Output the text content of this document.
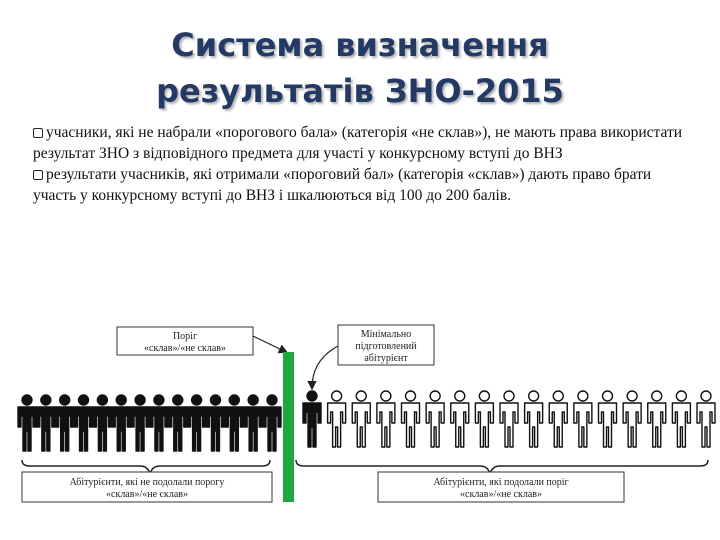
Система визначення
результатів ЗНО-2015

учасники, які не набрали «порогового бала» (категорія «не склав»), не мають права використати результат ЗНО з відповідного предмета для участі у конкурсному вступі до ВНЗ

результати учасників, які отримали «пороговий бал» (категорія «склав») дають право брати участь у конкурсному вступі до ВНЗ і шкалюються від 100 до 200 балів.

Поріг
«склав»/«не склав»
Мінімально
підготовлений
абітурієнт
Абітурієнти, які не подолали порогу
«склав»/«не склав»
Абітурієнти, які подолали поріг
«склав»/«не склав»
